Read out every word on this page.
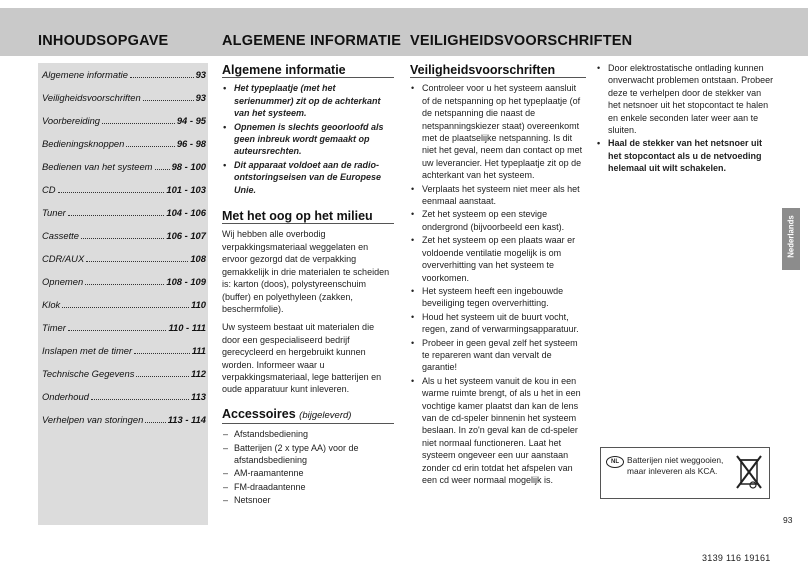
INHOUDSOPGAVE	ALGEMENE INFORMATIE VEILIGHEIDSVOORSCHRIFTEN
Algemene informatie	93
Veiligheidsvoorschriften	93
Voorbereiding	94 - 95
Bedieningsknoppen	96 - 98
Bedienen van het systeem 98 - 100
CD	101 - 103
Tuner	104 - 106
Cassette	106 - 107
CDR/AUX	108
Opnemen	108 - 109
Klok	110
Timer	110 - 111
Inslapen met de timer	111
Technische Gegevens	112
Onderhoud	113
Verhelpen van storingen	113 - 114
Algemene informatie
• Het typeplaatje (met het serienummer) zit op de achterkant van het systeem.
• Opnemen is slechts geoorloofd als geen inbreuk wordt gemaakt op auteursrechten.
• Dit apparaat voldoet aan de radio-ontstoringseisen van de Europese Unie.
Met het oog op het milieu

Wij hebben alle overbodig verpakkingsmateriaal weggelaten en ervoor gezorgd dat de verpakking gemakkelijk in drie materialen te scheiden is: karton (doos), polystyreenschuim (buffer) en polyethyleen (zakken, beschermfolie).

Uw systeem bestaat uit materialen die door een gespecialiseerd bedrijf gerecycleerd en hergebruikt kunnen worden. Informeer waar u verpakkingsmateriaal, lege batterijen en oude apparatuur kunt inleveren.

Accessoires (bijgeleverd)
– Afstandsbediening
– Batterijen (2 x type AA) voor de afstandsbediening
– AM-raamantenne
– FM-draadantenne
– Netsnoer
Veiligheidsvoorschriften
• Controleer voor u het systeem aansluit of de netspanning op het typeplaatje (of de netspanning die naast de netspanningskiezer staat) overeenkomt met de plaatselijke netspanning. Is dit niet het geval, neem dan contact op met uw leverancier. Het typeplaatje zit op de achterkant van het systeem.
• Verplaats het systeem niet meer als het eenmaal aanstaat.
• Zet het systeem op een stevige ondergrond (bijvoorbeeld een kast).
• Zet het systeem op een plaats waar er voldoende ventilatie mogelijk is om oververhitting van het systeem te voorkomen.
• Het systeem heeft een ingebouwde beveiliging tegen oververhitting.
• Houd het systeem uit de buurt vocht, regen, zand of verwarmingsapparatuur.
• Probeer in geen geval zelf het systeem te repareren want dan vervalt de garantie!
• Als u het systeem vanuit de kou in een warme ruimte brengt, of als u het in een vochtige kamer plaatst dan kan de lens van de cd-speler binnenin het systeem beslaan. In zo'n geval kan de cd-speler niet normaal functioneren. Laat het systeem ongeveer een uur aanstaan zonder cd erin totdat het afspelen van een cd weer normaal mogelijk is.
• Door elektrostatische ontlading kunnen onverwacht problemen ontstaan. Probeer deze te verhelpen door de stekker van het netsnoer uit het stopcontact te halen en enkele seconden later weer aan te sluiten.
• Haal de stekker van het netsnoer uit het stopcontact als u de netvoeding helemaal uit wilt schakelen.
Nederlands
NL Batterijen niet weggooien, maar inleveren als KCA.
93
3139 116 19161
